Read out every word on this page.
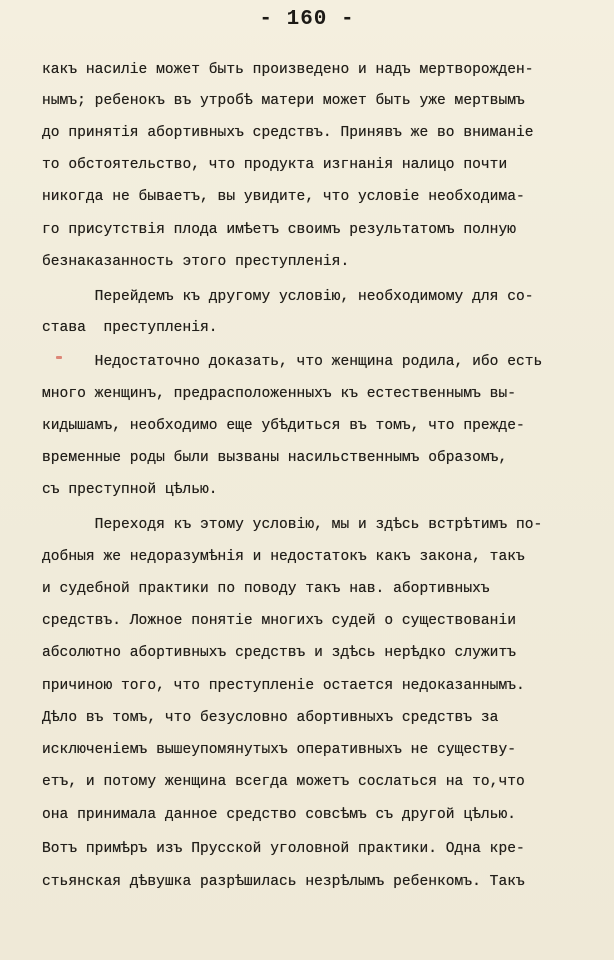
- 160 -
какъ насилiе может быть произведено и надъ мертворожден-
нымъ; ребенокъ въ утробѣ матери может быть уже мертвымъ
до принятiя абортивныхъ средствъ. Принявъ же во вниманiе
то обстоятельство, что продукта изгнанiя налицо почти
никогда не бываетъ, вы увидите, что условiе необходима-
го присутствiя плода имѣетъ своимъ результатомъ полную
безнаказанность этого преступленiя.
Перейдемъ къ другому условiю, необходимому для со-
става  преступленiя.
Недостаточно доказать, что женщина родила, ибо есть
много женщинъ, предрасположенныхъ къ естественнымъ вы-
кидышамъ, необходимо еще убѣдиться въ томъ, что преждe-
временные роды были вызваны насильственнымъ образомъ,
съ преступной цѣлью.
Переходя къ этому условiю, мы и здѣсь встрѣтимъ по-
добныя же недоразумѣнiя и недостатокъ какъ закона, такъ
и судебной практики по поводу такъ нав. абортивныхъ
средствъ. Ложное понятiе многихъ судей о существованiи
абсолютно абортивныхъ средствъ и здѣсь нерѣдко служитъ
причиною того, что преступленiе остается недоказаннымъ.
Дѣло въ томъ, что безусловно абортивныхъ средствъ за
исключенiемъ вышеупомянутыхъ оперативныхъ не существу-
етъ, и потому женщина всегда можетъ сослаться на то,что
она принимала данное средство совсѣмъ съ другой цѣлью.
Вотъ примѣръ изъ Прусской уголовной практики. Одна кре-
стьянская дѣвушка разрѣшилась незрѣлымъ ребенкомъ. Такъ
